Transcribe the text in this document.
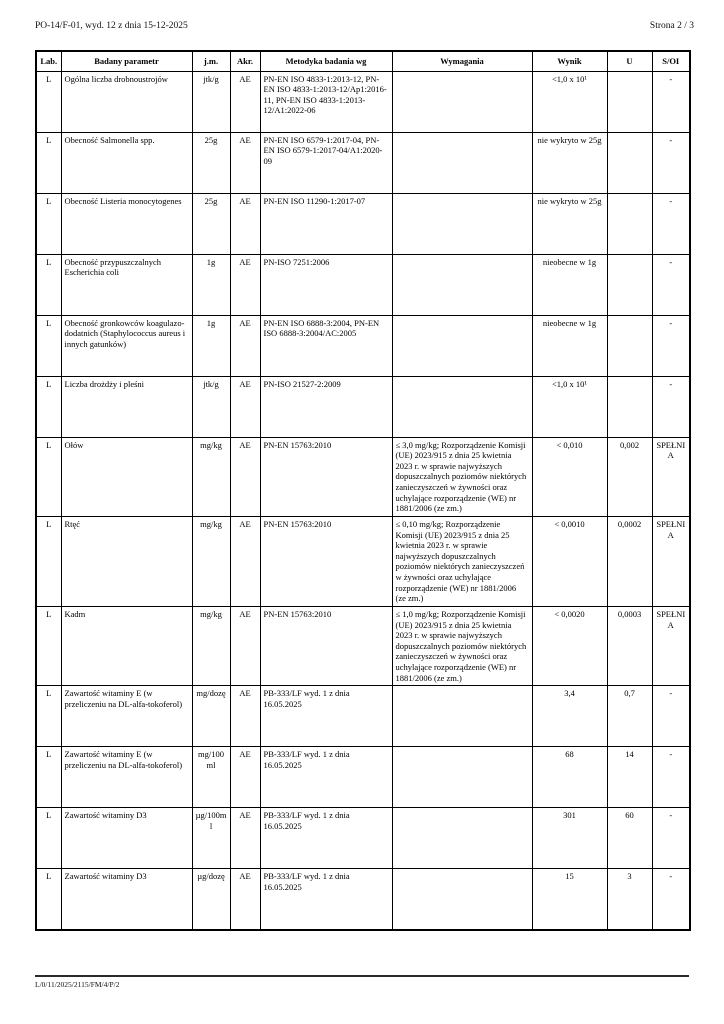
PO-14/F-01, wyd. 12 z dnia 15-12-2025	Strona 2 / 3
Lab.	Badany parametr	j.m.	Akr.	Metodyka badania wg	Wymagania	Wynik	U	S/OI
L	Ogólna liczba drobnoustrojów	jtk/g	AE	PN-EN ISO 4833-1:2013-12, PN-EN ISO 4833-1:2013-12/Ap1:2016-11, PN-EN ISO 4833-1:2013-12/A1:2022-06		<1,0 x 10¹		-
L	Obecność Salmonella spp.	25g	AE	PN-EN ISO 6579-1:2017-04, PN-EN ISO 6579-1:2017-04/A1:2020-09		nie wykryto w 25g		-
L	Obecność Listeria monocytogenes	25g	AE	PN-EN ISO 11290-1:2017-07		nie wykryto w 25g		-
L	Obecność przypuszczalnych Escherichia coli	1g	AE	PN-ISO 7251:2006		nieobecne w 1g		-
L	Obecność gronkowców koagulazo-dodatnich (Staphylococcus aureus i innych gatunków)	1g	AE	PN-EN ISO 6888-3:2004, PN-EN ISO 6888-3:2004/AC:2005		nieobecne w 1g		-
L	Liczba drożdży i pleśni	jtk/g	AE	PN-ISO 21527-2:2009		<1,0 x 10¹		-
L	Ołów	mg/kg	AE	PN-EN 15763:2010	≤ 3,0 mg/kg; Rozporządzenie Komisji (UE) 2023/915 z dnia 25 kwietnia 2023 r. w sprawie najwyższych dopuszczalnych poziomów niektórych zanieczyszczeń w żywności oraz uchylające rozporządzenie (WE) nr 1881/2006 (ze zm.)	< 0,010	0,002	SPEŁNIA
L	Rtęć	mg/kg	AE	PN-EN 15763:2010	≤ 0,10 mg/kg; Rozporządzenie Komisji (UE) 2023/915 z dnia 25 kwietnia 2023 r. w sprawie najwyższych dopuszczalnych poziomów niektórych zanieczyszczeń w żywności oraz uchylające rozporządzenie (WE) nr 1881/2006 (ze zm.)	< 0,0010	0,0002	SPEŁNIA
L	Kadm	mg/kg	AE	PN-EN 15763:2010	≤ 1,0 mg/kg; Rozporządzenie Komisji (UE) 2023/915 z dnia 25 kwietnia 2023 r. w sprawie najwyższych dopuszczalnych poziomów niektórych zanieczyszczeń w żywności oraz uchylające rozporządzenie (WE) nr 1881/2006 (ze zm.)	< 0,0020	0,0003	SPEŁNIA
L	Zawartość witaminy E (w przeliczeniu na DL-alfa-tokoferol)	mg/dozę	AE	PB-333/LF wyd. 1 z dnia 16.05.2025		3,4	0,7	-
L	Zawartość witaminy E (w przeliczeniu na DL-alfa-tokoferol)	mg/100ml	AE	PB-333/LF wyd. 1 z dnia 16.05.2025		68	14	-
L	Zawartość witaminy D3	µg/100ml	AE	PB-333/LF wyd. 1 z dnia 16.05.2025		301	60	-
L	Zawartość witaminy D3	µg/dozę	AE	PB-333/LF wyd. 1 z dnia 16.05.2025		15	3	-
L/0/11/2025/2115/FM/4/P/2
